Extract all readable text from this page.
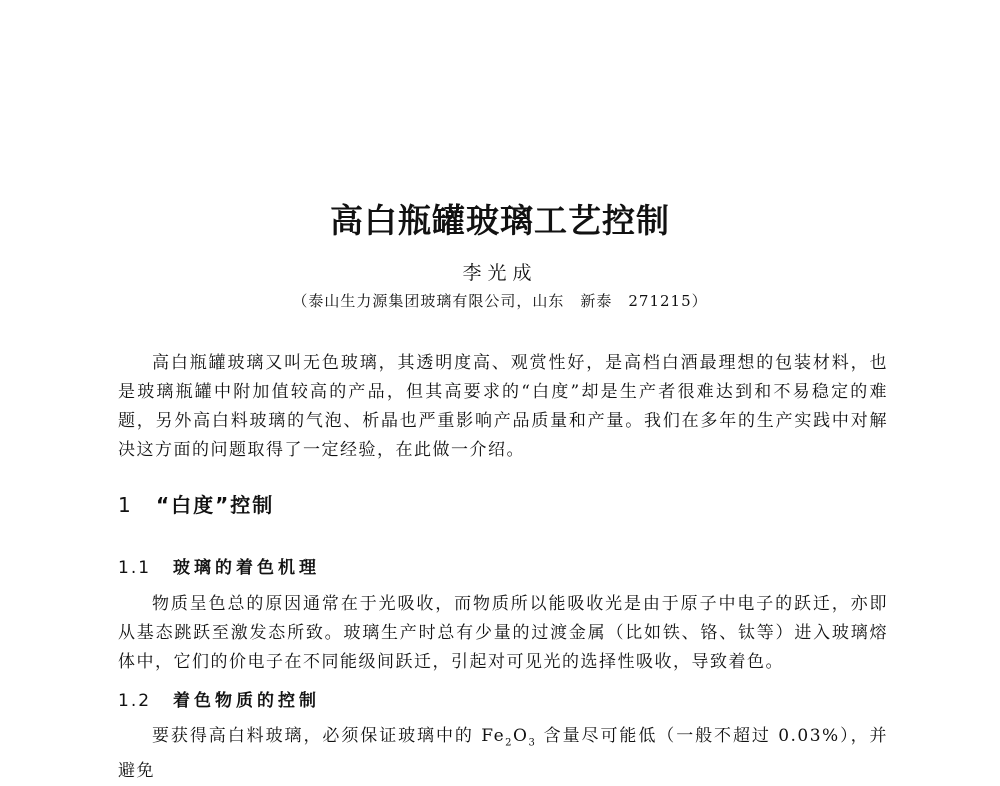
高白瓶罐玻璃工艺控制
李光成
（泰山生力源集团玻璃有限公司，山东　新泰　271215）

高白瓶罐玻璃又叫无色玻璃，其透明度高、观赏性好，是高档白酒最理想的包装材料，也是玻璃瓶罐中附加值较高的产品，但其高要求的“白度”却是生产者很难达到和不易稳定的难题，另外高白料玻璃的气泡、析晶也严重影响产品质量和产量。我们在多年的生产实践中对解决这方面的问题取得了一定经验，在此做一介绍。

1 “白度”控制
1.1 玻璃的着色机理

物质呈色总的原因通常在于光吸收，而物质所以能吸收光是由于原子中电子的跃迁，亦即从基态跳跃至激发态所致。玻璃生产时总有少量的过渡金属（比如铁、铬、钛等）进入玻璃熔体中，它们的价电子在不同能级间跃迁，引起对可见光的选择性吸收，导致着色。

1.2 着色物质的控制

要获得高白料玻璃，必须保证玻璃中的 $Fe_2O_3$ 含量尽可能低（一般不超过 0.03%），并避免
